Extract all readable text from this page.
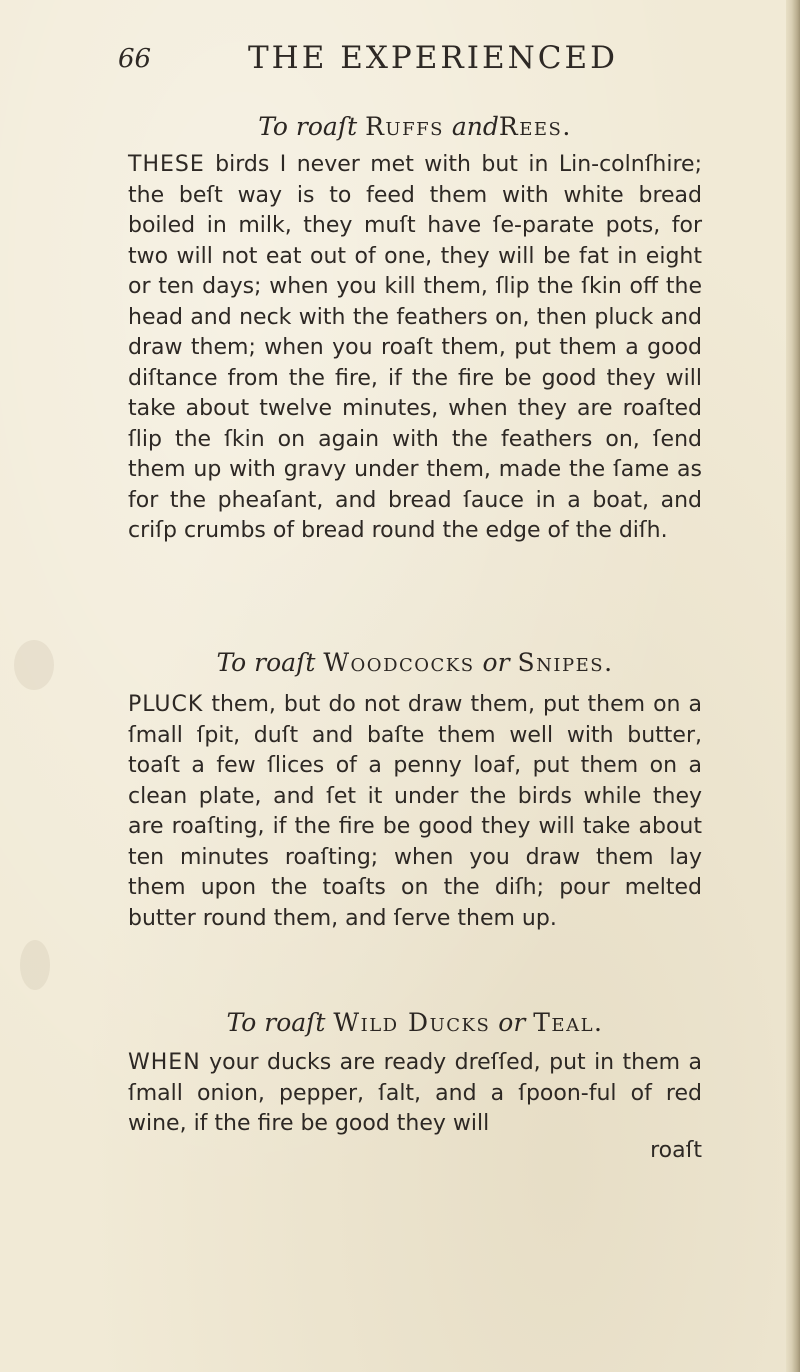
66	THE EXPERIENCED
To roaſt Ruffs andRees.
THESE birds I never met with but in Lin-colnſhire; the beſt way is to feed them with white bread boiled in milk, they muſt have ſe-parate pots, for two will not eat out of one, they will be fat in eight or ten days; when you kill them, ſlip the ſkin off the head and neck with the feathers on, then pluck and draw them; when you roaſt them, put them a good diſtance from the fire, if the fire be good they will take about twelve minutes, when they are roaſted ſlip the ſkin on again with the feathers on, ſend them up with gravy under them, made the ſame as for the pheaſant, and bread ſauce in a boat, and criſp crumbs of bread round the edge of the diſh.
To roaſt Woodcocks or Snipes.
PLUCK them, but do not draw them, put them on a ſmall ſpit, duſt and baſte them well with butter, toaſt a few ſlices of a penny loaf, put them on a clean plate, and ſet it under the birds while they are roaſting, if the fire be good they will take about ten minutes roaſting; when you draw them lay them upon the toaſts on the diſh; pour melted butter round them, and ſerve them up.
To roaſt Wild Ducks or Teal.
WHEN your ducks are ready dreſſed, put in them a ſmall onion, pepper, ſalt, and a ſpoon-ful of red wine, if the fire be good they will
roaſt
